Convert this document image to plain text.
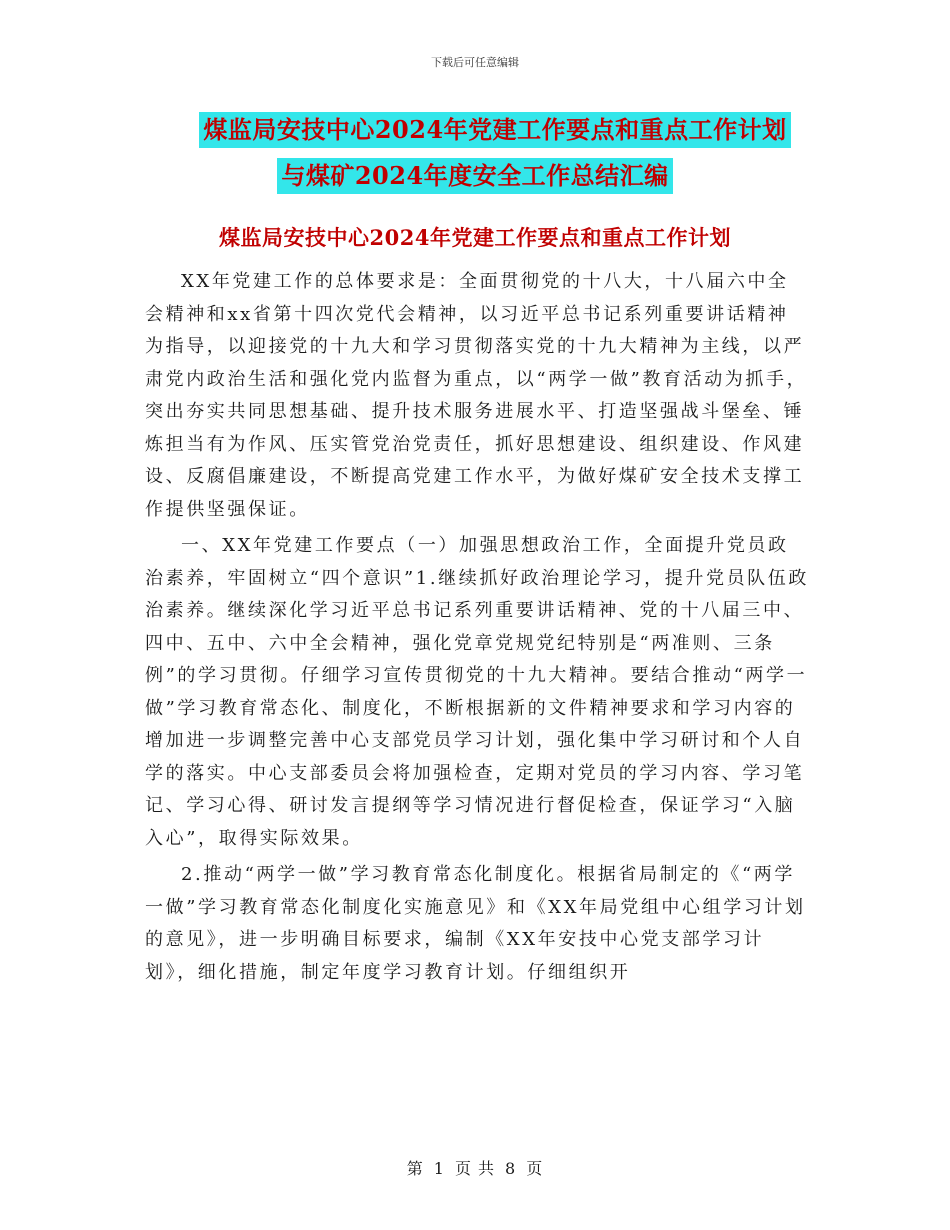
下载后可任意编辑
煤监局安技中心2024年党建工作要点和重点工作计划
与煤矿2024年度安全工作总结汇编
煤监局安技中心2024年党建工作要点和重点工作计划

XX年党建工作的总体要求是：全面贯彻党的十八大，十八届六中全会精神和xx省第十四次党代会精神，以习近平总书记系列重要讲话精神为指导，以迎接党的十九大和学习贯彻落实党的十九大精神为主线，以严肃党内政治生活和强化党内监督为重点，以“两学一做”教育活动为抓手，突出夯实共同思想基础、提升技术服务进展水平、打造坚强战斗堡垒、锤炼担当有为作风、压实管党治党责任，抓好思想建设、组织建设、作风建设、反腐倡廉建设，不断提高党建工作水平，为做好煤矿安全技术支撑工作提供坚强保证。

一、XX年党建工作要点（一）加强思想政治工作，全面提升党员政治素养，牢固树立“四个意识”1.继续抓好政治理论学习，提升党员队伍政治素养。继续深化学习近平总书记系列重要讲话精神、党的十八届三中、四中、五中、六中全会精神，强化党章党规党纪特别是“两准则、三条例”的学习贯彻。仔细学习宣传贯彻党的十九大精神。要结合推动“两学一做”学习教育常态化、制度化，不断根据新的文件精神要求和学习内容的增加进一步调整完善中心支部党员学习计划，强化集中学习研讨和个人自学的落实。中心支部委员会将加强检查，定期对党员的学习内容、学习笔记、学习心得、研讨发言提纲等学习情况进行督促检查，保证学习“入脑入心”，取得实际效果。

2.推动“两学一做”学习教育常态化制度化。根据省局制定的《“两学一做”学习教育常态化制度化实施意见》和《XX年局党组中心组学习计划的意见》，进一步明确目标要求，编制《XX年安技中心党支部学习计划》，细化措施，制定年度学习教育计划。仔细组织开

第 1 页 共 8 页
